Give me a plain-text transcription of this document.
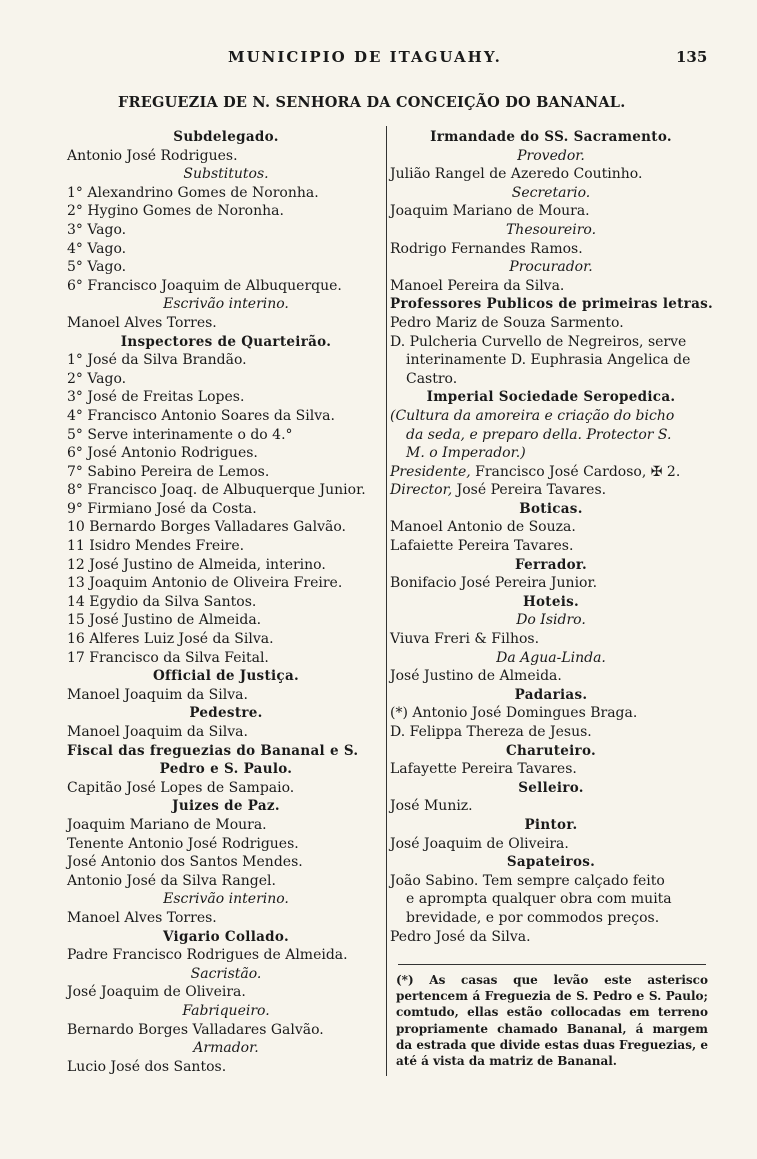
MUNICIPIO DE ITAGUAHY.	135
FREGUEZIA DE N. SENHORA DA CONCEIÇÃO DO BANANAL.
Subdelegado.
Antonio José Rodrigues.
Substitutos.
1° Alexandrino Gomes de Noronha.
2° Hygino Gomes de Noronha.
3° Vago.
4° Vago.
5° Vago.
6° Francisco Joaquim de Albuquerque.
Escrivão interino.
Manoel Alves Torres.
Inspectores de Quarteirão.
1° José da Silva Brandão.
2° Vago.
3° José de Freitas Lopes.
4° Francisco Antonio Soares da Silva.
5° Serve interinamente o do 4.°
6° José Antonio Rodrigues.
7° Sabino Pereira de Lemos.
8° Francisco Joaq. de Albuquerque Junior.
9° Firmiano José da Costa.
10 Bernardo Borges Valladares Galvão.
11 Isidro Mendes Freire.
12 José Justino de Almeida, interino.
13 Joaquim Antonio de Oliveira Freire.
14 Egydio da Silva Santos.
15 José Justino de Almeida.
16 Alferes Luiz José da Silva.
17 Francisco da Silva Feital.
Official de Justiça.
Manoel Joaquim da Silva.
Pedestre.
Manoel Joaquim da Silva.
Fiscal das freguezias do Bananal e S.
Pedro e S. Paulo.
Capitão José Lopes de Sampaio.
Juizes de Paz.
Joaquim Mariano de Moura.
Tenente Antonio José Rodrigues.
José Antonio dos Santos Mendes.
Antonio José da Silva Rangel.
Escrivão interino.
Manoel Alves Torres.
Vigario Collado.
Padre Francisco Rodrigues de Almeida.
Sacristão.
José Joaquim de Oliveira.
Fabriqueiro.
Bernardo Borges Valladares Galvão.
Armador.
Lucio José dos Santos.
Irmandade do SS. Sacramento.
Provedor.
Julião Rangel de Azeredo Coutinho.
Secretario.
Joaquim Mariano de Moura.
Thesoureiro.
Rodrigo Fernandes Ramos.
Procurador.
Manoel Pereira da Silva.
Professores Publicos de primeiras letras.
Pedro Mariz de Souza Sarmento.
D. Pulcheria Curvello de Negreiros, serve
interinamente D. Euphrasia Angelica de
Castro.
Imperial Sociedade Seropedica.
(Cultura da amoreira e criação do bicho
da seda, e preparo della. Protector S.
M. o Imperador.)
Presidente, Francisco José Cardoso, ✠ 2.
Director, José Pereira Tavares.
Boticas.
Manoel Antonio de Souza.
Lafaiette Pereira Tavares.
Ferrador.
Bonifacio José Pereira Junior.
Hoteis.
Do Isidro.
Viuva Freri & Filhos.
Da Agua-Linda.
José Justino de Almeida.
Padarias.
(*) Antonio José Domingues Braga.
D. Felippa Thereza de Jesus.
Charuteiro.
Lafayette Pereira Tavares.
Selleiro.
José Muniz.
Pintor.
José Joaquim de Oliveira.
Sapateiros.
João Sabino. Tem sempre calçado feito
e aprompta qualquer obra com muita
brevidade, e por commodos preços.
Pedro José da Silva.
(*) As casas que levão este asterisco pertencem á Freguezia de S. Pedro e S. Paulo; comtudo, ellas estão collocadas em terreno propriamente chamado Bananal, á margem da estrada que divide estas duas Freguezias, e até á vista da matriz de Bananal.
